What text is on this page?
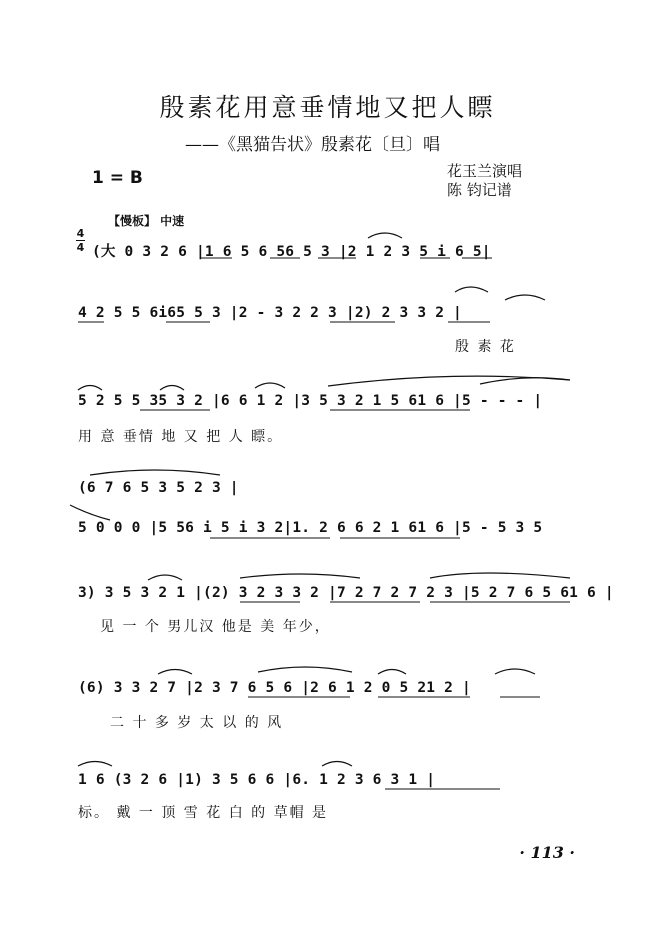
殷素花用意垂情地又把人瞟
——《黑猫告状》殷素花〔旦〕唱
1 = B	花玉兰演唱
陈 钧记谱
【慢板】 中速
4
4 (大 0 3 2 6 |1 6 5 6 56 5 3 |2 1 2 3 5 i 6 5|
4 2 5 5 6i65 5 3 |2 - 3 2 2 3 |2) 2 3 3 2 |
殷 素 花
5 2 5 5 35 3 2 |6 6 1 2 |3 5 3 2 1 5 61 6 |5 - - - |
用 意 垂情 地 又 把 人 瞟。
(6 7 6 5 3 5 2 3 |
5 0 0 0 |5 56 i 5 i 3 2|1. 2 6 6 2 1 61 6 |5 - 5 3 5
3) 3 5 3 2 1 |(2) 3 2 3 3 2 |7 2 7 2 7 2 3 |5 2 7 6 5 61 6 |
见 一 个 男儿汉 他是 美 年少，
(6) 3 3 2 7 |2 3 7 6 5 6 |2 6 1 2 0 5 21 2 |
二 十 多 岁 太 以 的 风
1 6 (3 2 6 |1) 3 5 6 6 |6. 1 2 3 6 3 1 |
标。 戴 一 顶 雪 花 白 的 草帽 是
· 113 ·
